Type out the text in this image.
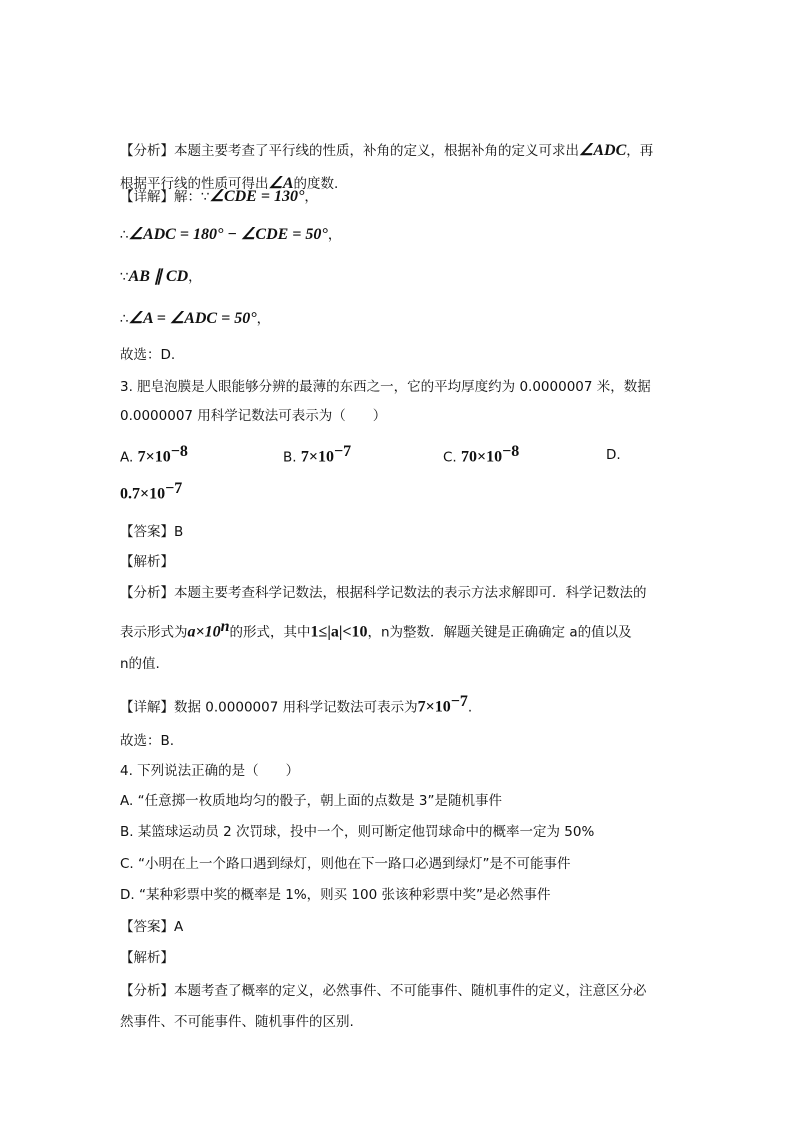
【分析】本题主要考查了平行线的性质，补角的定义，根据补角的定义可求出∠ADC，再
根据平行线的性质可得出∠A的度数.
【详解】解：∵∠CDE = 130°，
∴∠ADC = 180° − ∠CDE = 50°，
∵AB ∥ CD，
∴∠A = ∠ADC = 50°，
故选：D.
3. 肥皂泡膜是人眼能够分辨的最薄的东西之一，它的平均厚度约为 0.0000007 米，数据
0.0000007 用科学记数法可表示为（　　）
A. $7\times 10^{-8}$	B. $7\times 10^{-7}$	C. $70\times 10^{-8}$	D.
$0.7\times 10^{-7}$
【答案】B
【解析】
【分析】本题主要考查科学记数法，根据科学记数法的表示方法求解即可．科学记数法的
表示形式为$a\times 10^n$的形式，其中1≤|a|<10，n为整数．解题关键是正确确定 a的值以及
n的值.
【详解】数据 0.0000007 用科学记数法可表示为$7\times 10^{-7}$.
故选：B.
4. 下列说法正确的是（　　）
A. “任意掷一枚质地均匀的骰子，朝上面的点数是 3”是随机事件
B. 某篮球运动员 2 次罚球，投中一个，则可断定他罚球命中的概率一定为 50%
C. “小明在上一个路口遇到绿灯，则他在下一路口必遇到绿灯”是不可能事件
D. “某种彩票中奖的概率是 1%，则买 100 张该种彩票中奖”是必然事件
【答案】A
【解析】
【分析】本题考查了概率的定义，必然事件、不可能事件、随机事件的定义，注意区分必
然事件、不可能事件、随机事件的区别.
